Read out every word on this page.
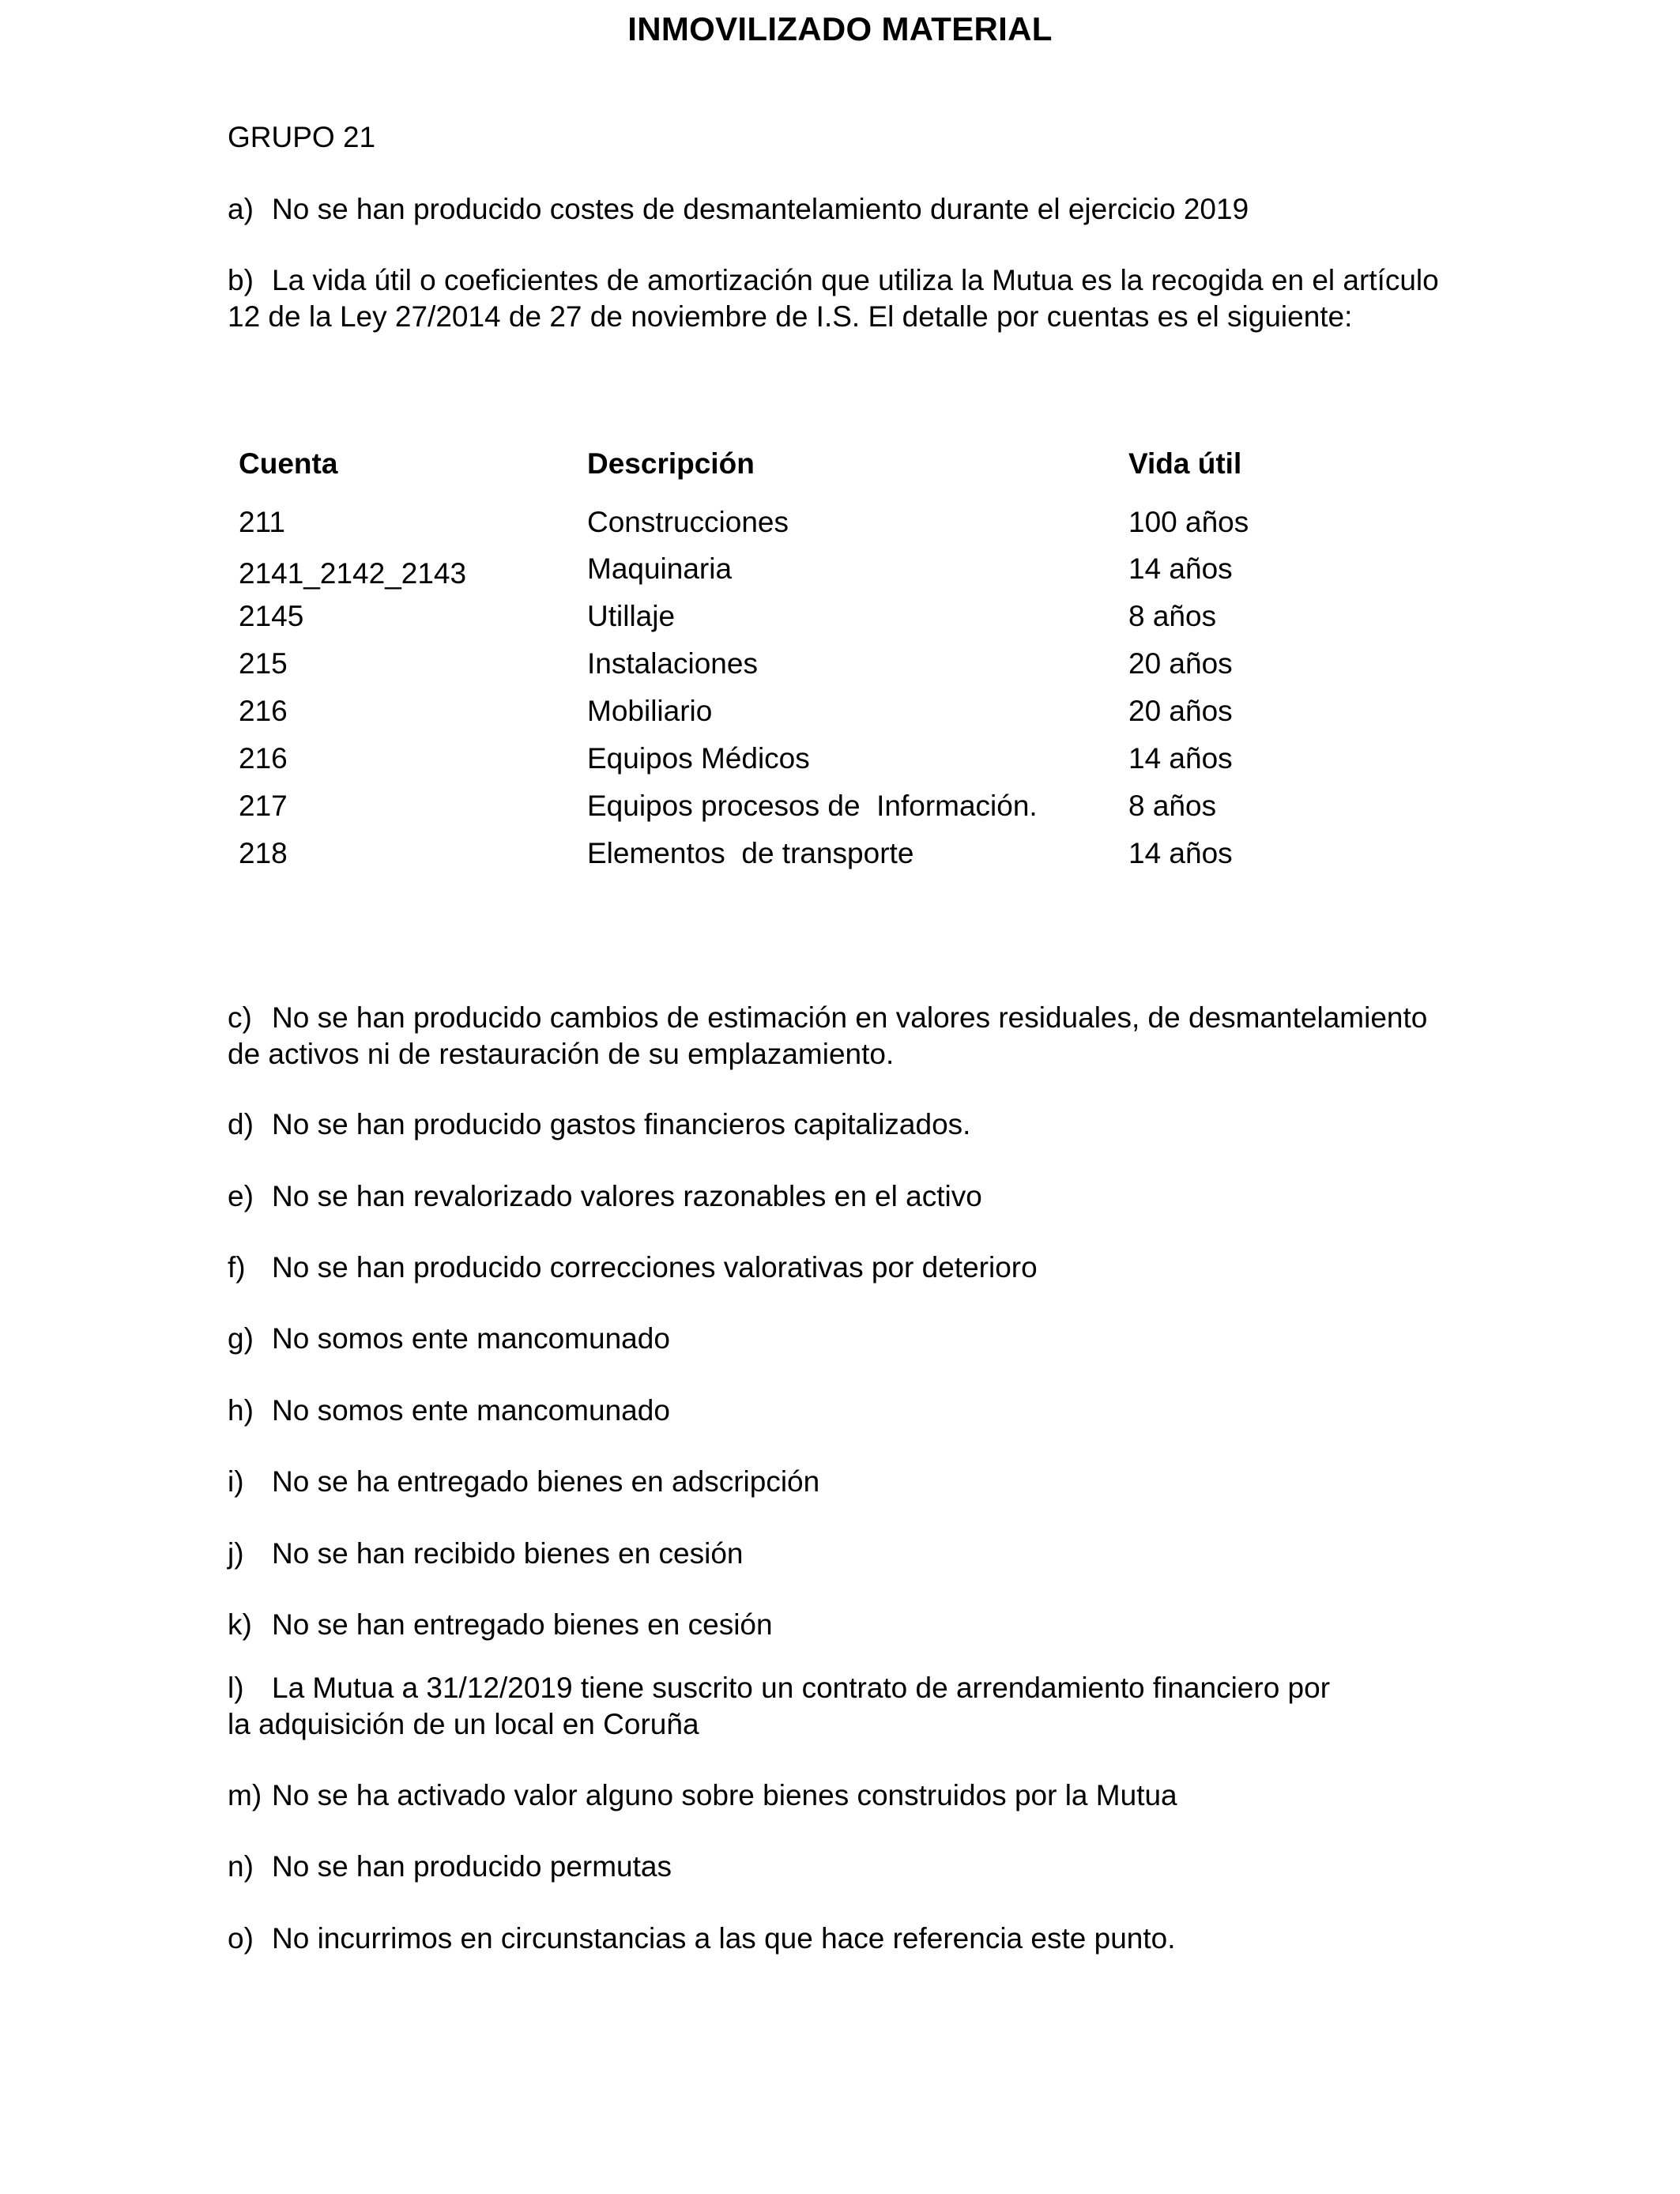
INMOVILIZADO MATERIAL
GRUPO 21
a) No se han producido costes de desmantelamiento durante el ejercicio 2019
b) La vida útil o coeficientes de amortización que utiliza la Mutua es la recogida en el artículo
12 de la Ley 27/2014 de 27 de noviembre de I.S. El detalle por cuentas es el siguiente:
Cuenta	Descripción	Vida útil
211	Construcciones	100 años
2141_2142_2143	Maquinaria	14 años
2145	Utillaje	8 años
215	Instalaciones	20 años
216	Mobiliario	20 años
216	Equipos Médicos	14 años
217	Equipos procesos de  Información.	8 años
218	Elementos  de transporte	14 años
c) No se han producido cambios de estimación en valores residuales, de desmantelamiento
de activos ni de restauración de su emplazamiento.
d) No se han producido gastos financieros capitalizados.
e) No se han revalorizado valores razonables en el activo
f) No se han producido correcciones valorativas por deterioro
g) No somos ente mancomunado
h) No somos ente mancomunado
i) No se ha entregado bienes en adscripción
j) No se han recibido bienes en cesión
k) No se han entregado bienes en cesión
l) La Mutua a 31/12/2019 tiene suscrito un contrato de arrendamiento financiero por
la adquisición de un local en Coruña
m) No se ha activado valor alguno sobre bienes construidos por la Mutua
n) No se han producido permutas
o) No incurrimos en circunstancias a las que hace referencia este punto.
